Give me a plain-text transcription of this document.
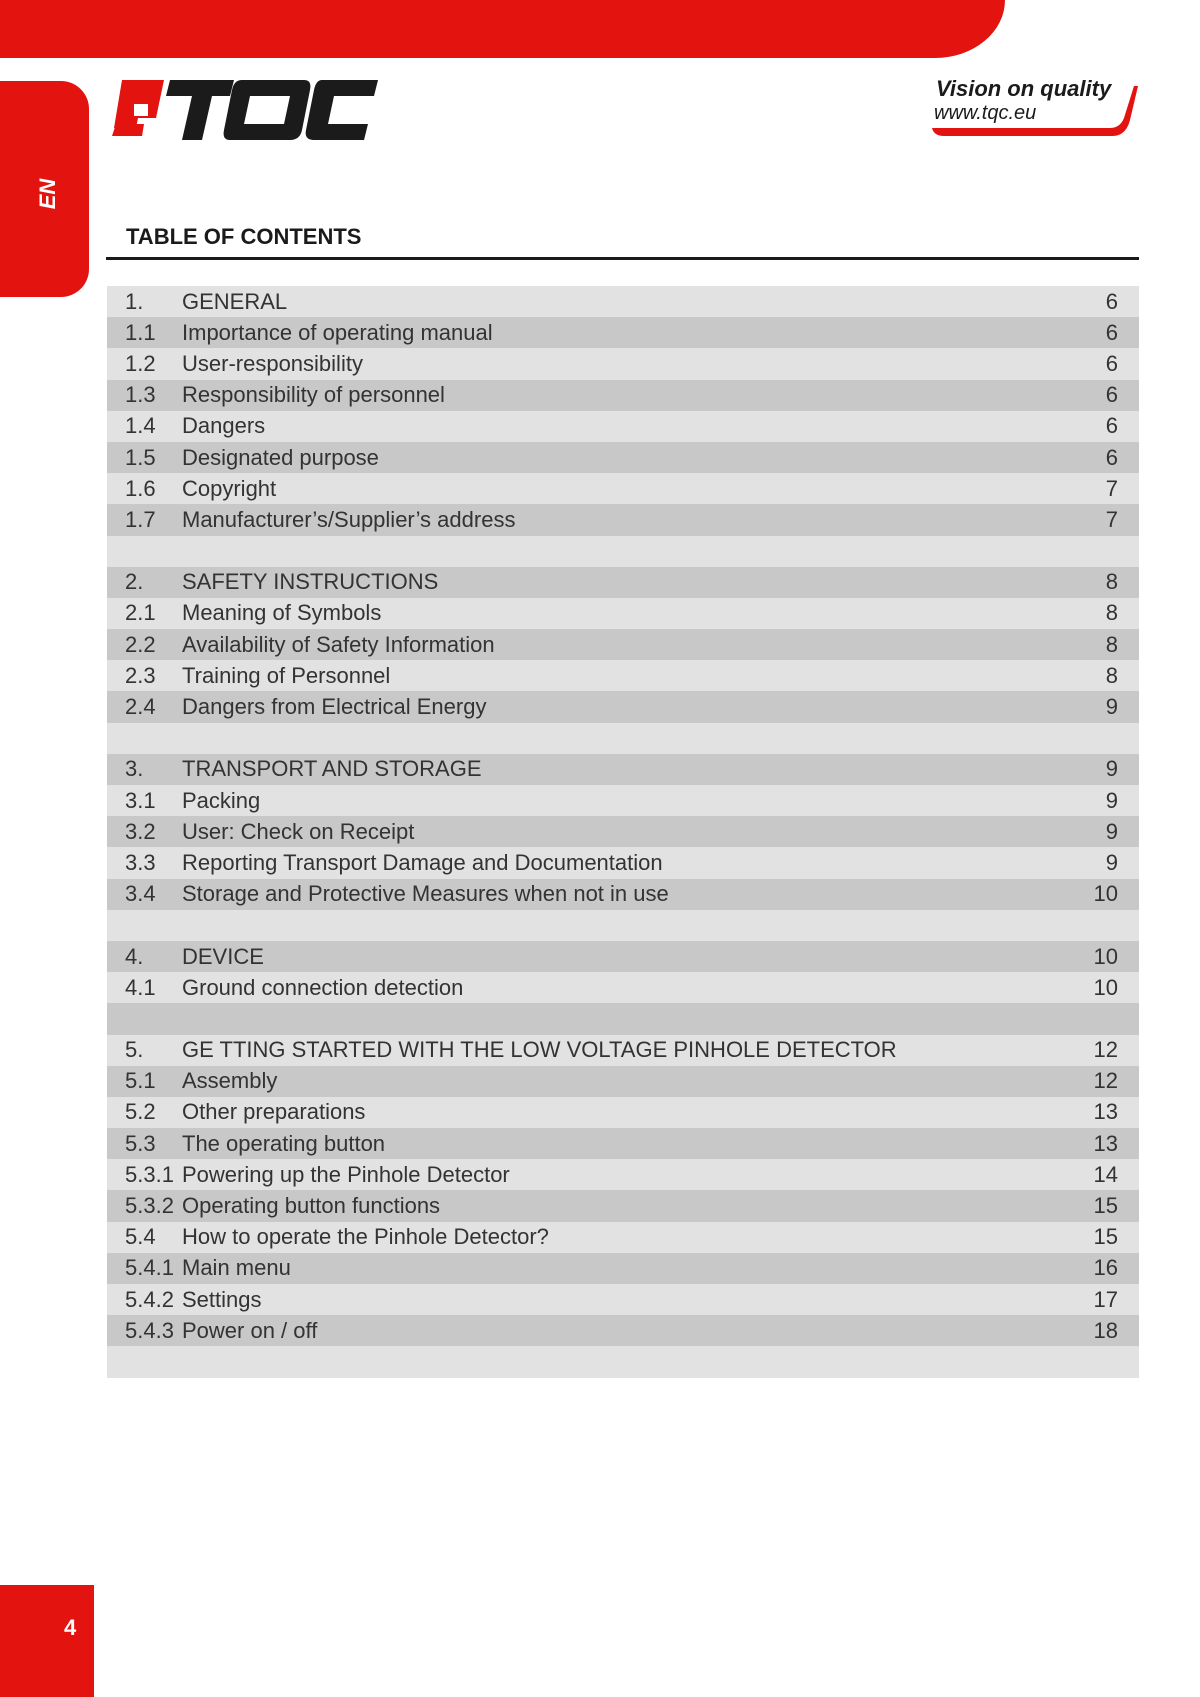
EN
Vision on quality
www.tqc.eu
TABLE OF CONTENTS
1.	GENERAL	6
1.1	Importance of operating manual	6
1.2	User-responsibility	6
1.3	Responsibility of personnel	6
1.4	Dangers	6
1.5	Designated purpose	6
1.6	Copyright	7
1.7	Manufacturer’s/Supplier’s address	7
2.	SAFETY INSTRUCTIONS	8
2.1	Meaning of Symbols	8
2.2	Availability of Safety Information	8
2.3	Training of Personnel	8
2.4	Dangers from Electrical Energy	9
3.	TRANSPORT AND STORAGE	9
3.1	Packing	9
3.2	User: Check on Receipt	9
3.3	Reporting Transport Damage and Documentation	9
3.4	Storage and Protective Measures when not in use	10
4.	DEVICE	10
4.1	Ground connection detection	10
5.	GE TTING STARTED WITH THE LOW VOLTAGE PINHOLE DETECTOR	12
5.1	Assembly	12
5.2	Other preparations	13
5.3	The operating button	13
5.3.1 Powering up the Pinhole Detector	14
5.3.2 Operating button functions	15
5.4	How to operate the Pinhole Detector?	15
5.4.1 Main menu	16
5.4.2 Settings	17
5.4.3 Power on / off	18
4
